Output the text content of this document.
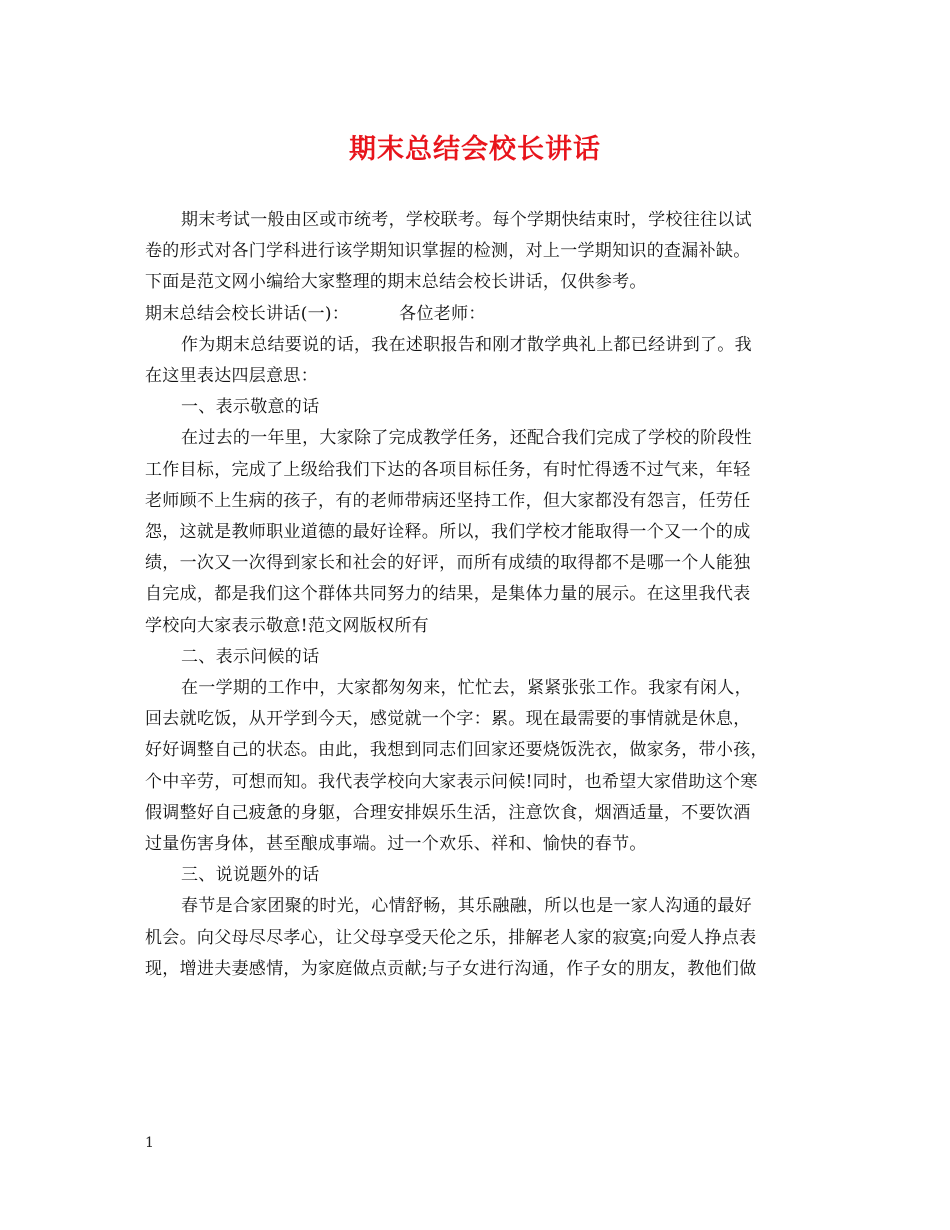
期末总结会校长讲话
期末考试一般由区或市统考，学校联考。每个学期快结束时，学校往往以试
卷的形式对各门学科进行该学期知识掌握的检测，对上一学期知识的查漏补缺。
下面是范文网小编给大家整理的期末总结会校长讲话，仅供参考。
期末总结会校长讲话(一)：	各位老师：
作为期末总结要说的话，我在述职报告和刚才散学典礼上都已经讲到了。我
在这里表达四层意思：
一、表示敬意的话
在过去的一年里，大家除了完成教学任务，还配合我们完成了学校的阶段性
工作目标，完成了上级给我们下达的各项目标任务，有时忙得透不过气来，年轻
老师顾不上生病的孩子，有的老师带病还坚持工作，但大家都没有怨言，任劳任
怨，这就是教师职业道德的最好诠释。所以，我们学校才能取得一个又一个的成
绩，一次又一次得到家长和社会的好评，而所有成绩的取得都不是哪一个人能独
自完成，都是我们这个群体共同努力的结果，是集体力量的展示。在这里我代表
学校向大家表示敬意!范文网版权所有
二、表示问候的话
在一学期的工作中，大家都匆匆来，忙忙去，紧紧张张工作。我家有闲人，
回去就吃饭，从开学到今天，感觉就一个字：累。现在最需要的事情就是休息，
好好调整自己的状态。由此，我想到同志们回家还要烧饭洗衣，做家务，带小孩，
个中辛劳，可想而知。我代表学校向大家表示问候!同时，也希望大家借助这个寒
假调整好自己疲惫的身躯，合理安排娱乐生活，注意饮食，烟酒适量，不要饮酒
过量伤害身体，甚至酿成事端。过一个欢乐、祥和、愉快的春节。
三、说说题外的话
春节是合家团聚的时光，心情舒畅，其乐融融，所以也是一家人沟通的最好
机会。向父母尽尽孝心，让父母享受天伦之乐，排解老人家的寂寞;向爱人挣点表
现，增进夫妻感情，为家庭做点贡献;与子女进行沟通，作子女的朋友，教他们做
1
